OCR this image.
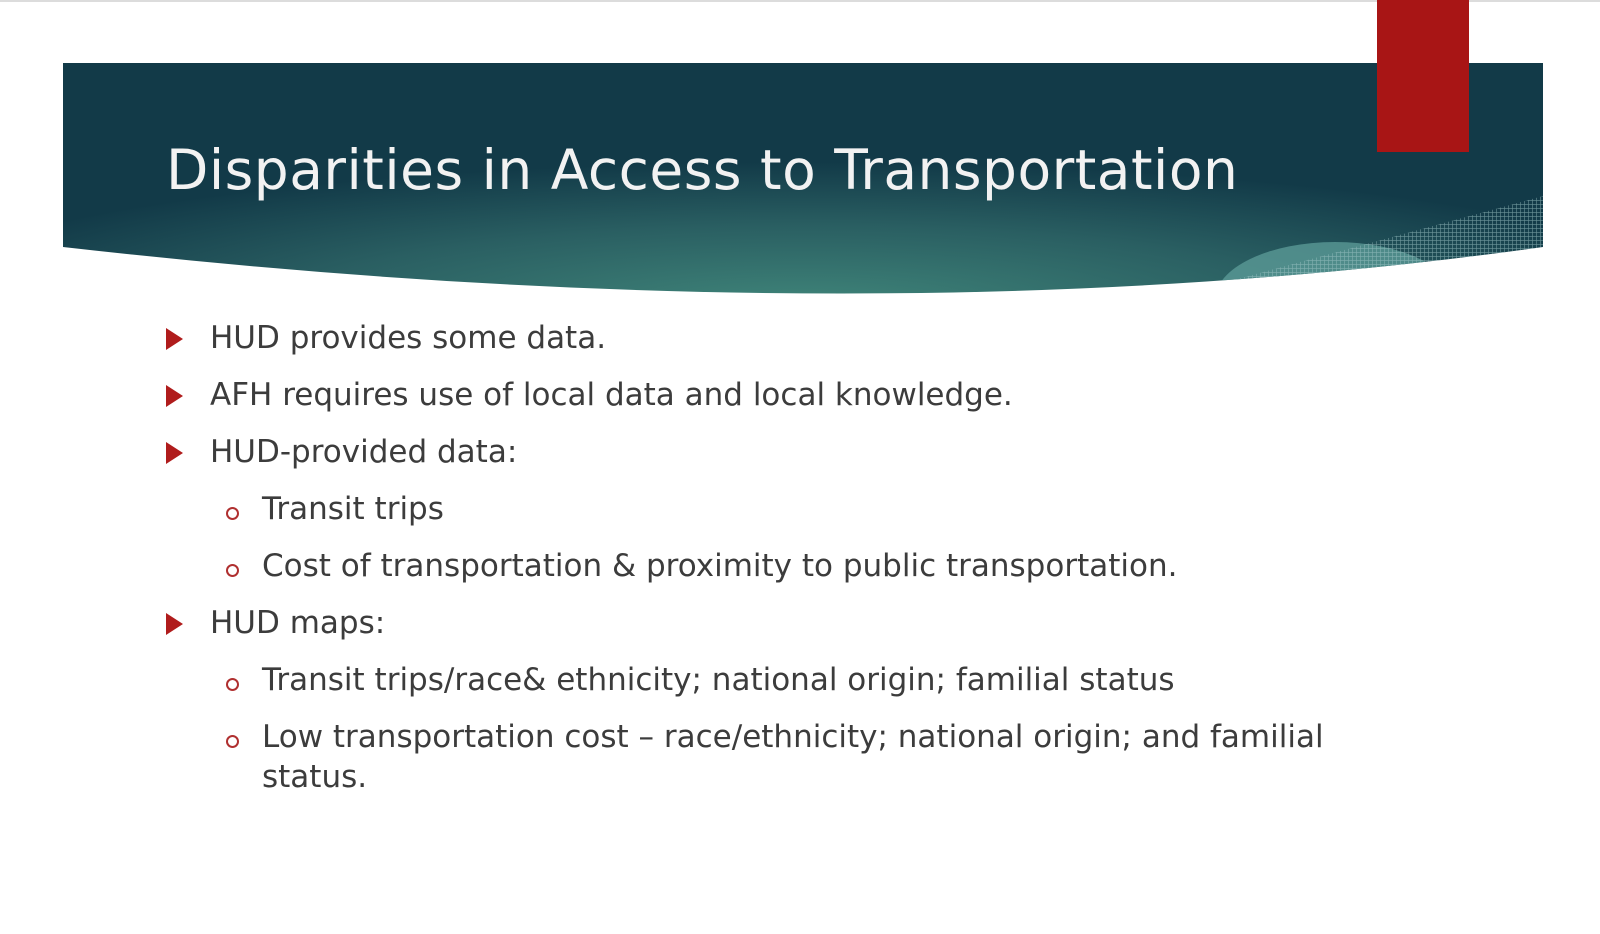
Disparities in Access to Transportation
HUD provides some data.
AFH requires use of local data and local knowledge.
HUD-provided data:
Transit trips
Cost of transportation & proximity to public transportation.
HUD maps:
Transit trips/race& ethnicity; national origin; familial status
Low transportation cost – race/ethnicity; national origin; and familial status.
